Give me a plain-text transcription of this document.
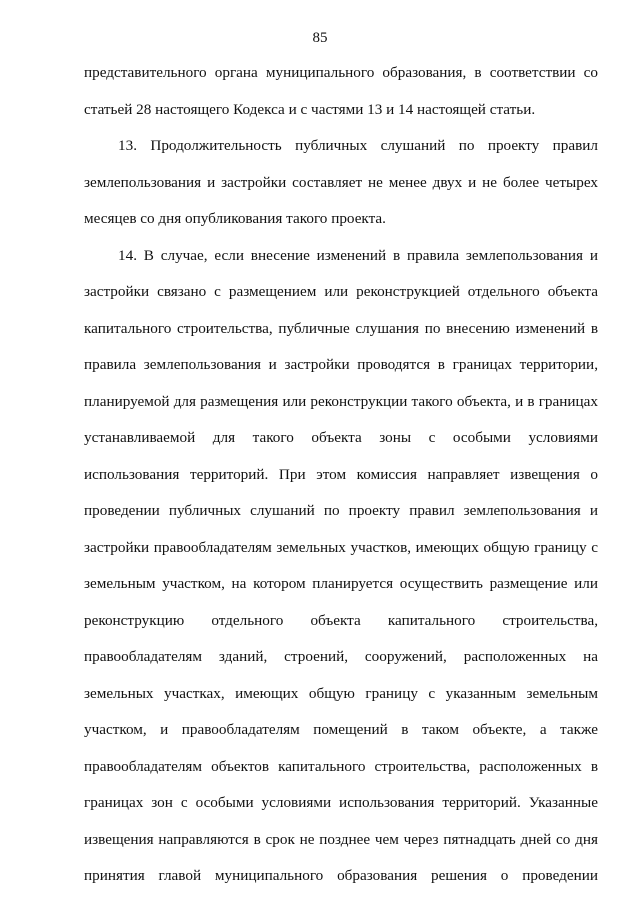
85

представительного органа муниципального образования, в соответствии со
статьей 28 настоящего Кодекса и с частями 13 и 14 настоящей статьи.

13. Продолжительность публичных слушаний по проекту правил
землепользования и застройки составляет не менее двух и не более четырех
месяцев со дня опубликования такого проекта.

14. В случае, если внесение изменений в правила землепользования и
застройки связано с размещением или реконструкцией отдельного объекта
капитального строительства, публичные слушания по внесению изменений в
правила землепользования и застройки проводятся в границах территории,
планируемой для размещения или реконструкции такого объекта, и в границах
устанавливаемой для такого объекта зоны с особыми условиями
использования территорий. При этом комиссия направляет извещения о
проведении публичных слушаний по проекту правил землепользования и
застройки правообладателям земельных участков, имеющих общую границу с
земельным участком, на котором планируется осуществить размещение или
реконструкцию отдельного объекта капитального строительства,
правообладателям зданий, строений, сооружений, расположенных на
земельных участках, имеющих общую границу с указанным земельным
участком, и правообладателям помещений в таком объекте, а также
правообладателям объектов капитального строительства, расположенных в
границах зон с особыми условиями использования территорий. Указанные
извещения направляются в срок не позднее чем через пятнадцать дней со дня
принятия главой муниципального образования решения о проведении
